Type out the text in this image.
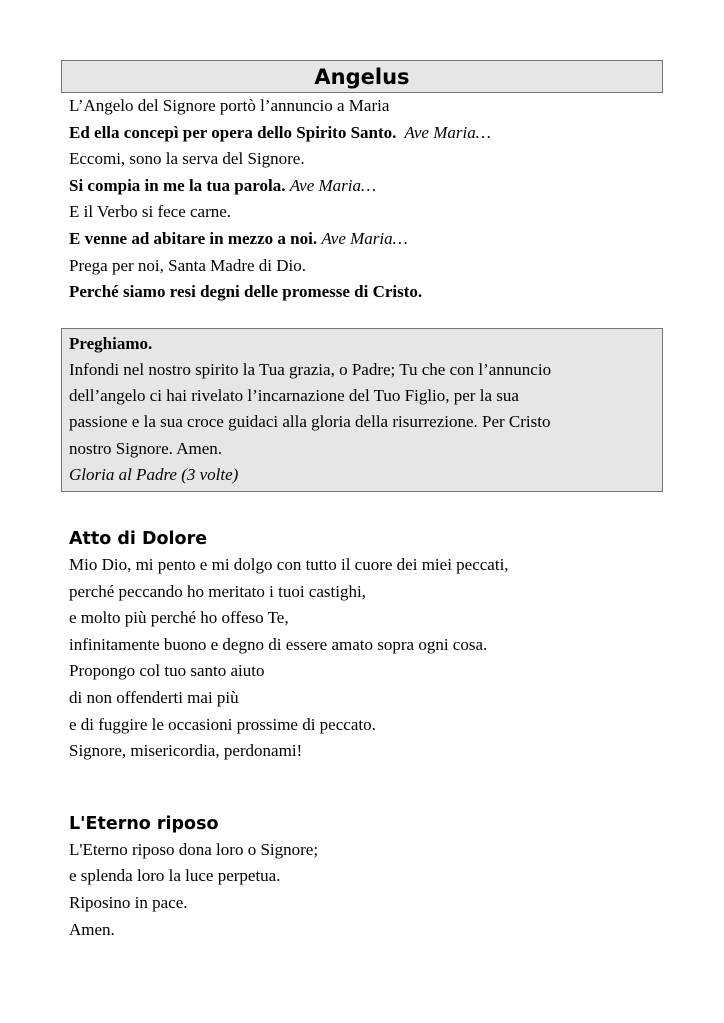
Angelus
L’Angelo del Signore portò l’annuncio a Maria
Ed ella concepì per opera dello Spirito Santo. Ave Maria…
Eccomi, sono la serva del Signore.
Si compia in me la tua parola. Ave Maria…
E il Verbo si fece carne.
E venne ad abitare in mezzo a noi. Ave Maria…
Prega per noi, Santa Madre di Dio.
Perché siamo resi degni delle promesse di Cristo.
Preghiamo.
Infondi nel nostro spirito la Tua grazia, o Padre; Tu che con l’annuncio
dell’angelo ci hai rivelato l’incarnazione del Tuo Figlio, per la sua
passione e la sua croce guidaci alla gloria della risurrezione. Per Cristo
nostro Signore. Amen.
Gloria al Padre (3 volte)
Atto di Dolore
Mio Dio, mi pento e mi dolgo con tutto il cuore dei miei peccati,
perché peccando ho meritato i tuoi castighi,
e molto più perché ho offeso Te,
infinitamente buono e degno di essere amato sopra ogni cosa.
Propongo col tuo santo aiuto
di non offenderti mai più
e di fuggire le occasioni prossime di peccato.
Signore, misericordia, perdonami!
L'Eterno riposo
L'Eterno riposo dona loro o Signore;
e splenda loro la luce perpetua.
Riposino in pace.
Amen.
